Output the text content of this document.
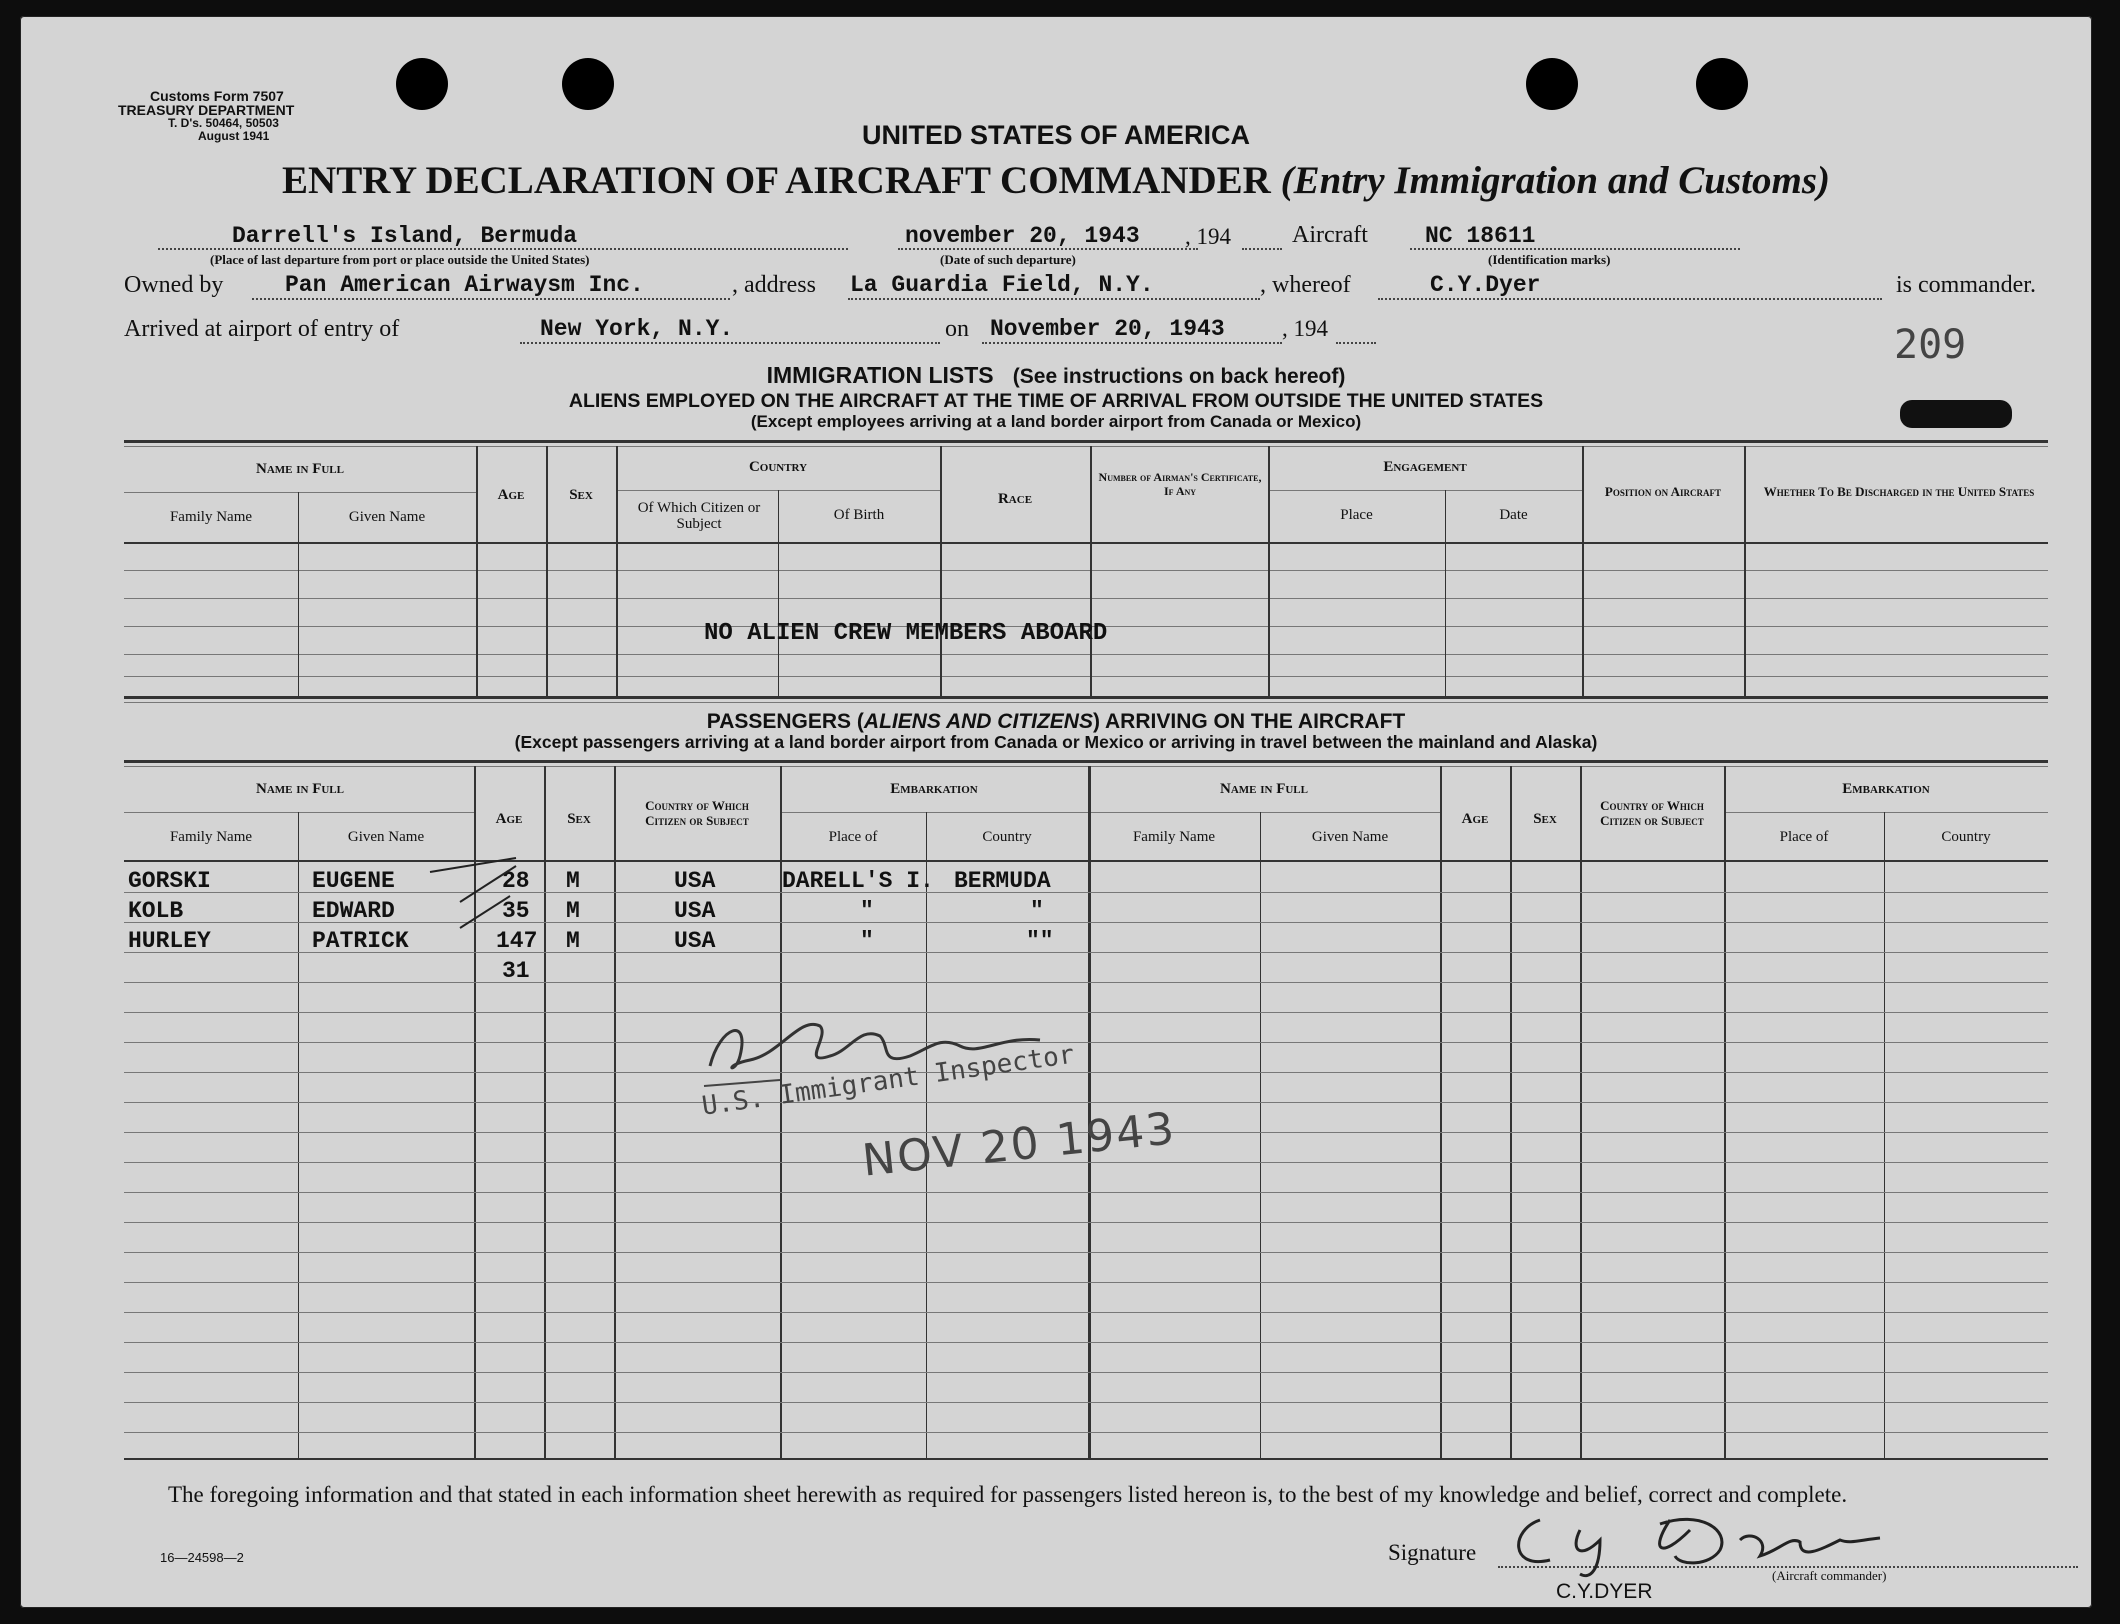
Customs Form 7507
TREASURY DEPARTMENT
T. D's. 50464, 50503
August 1941	UNITED STATES OF AMERICA
ENTRY DECLARATION OF AIRCRAFT COMMANDER (Entry Immigration and Customs)
Darrell's Island, Bermuda
(Place of last departure from port or place outside the United States)
november 20, 1943 , 194
(Date of such departure)
Aircraft NC 18611
(Identification marks)
Owned by	Pan American Airwaysm Inc.	, address La Guardia Field, N.Y.	, whereof	C.Y.Dyer	is commander.
Arrived at airport of entry of	New York, N.Y.	on November 20, 1943 , 194	209
IMMIGRATION LISTS (See instructions on back hereof)
ALIENS EMPLOYED ON THE AIRCRAFT AT THE TIME OF ARRIVAL FROM OUTSIDE THE UNITED STATES
(Except employees arriving at a land border airport from Canada or Mexico)
Name in Full
Family Name	Given Name
Age	Sex
Country
Of Which Citizen or Subject
Of Birth
Race
Number of Airman's Certificate, If Any
Engagement
Place	Date
Position on Aircraft	Whether To Be Discharged in the United States
NO ALIEN CREW MEMBERS ABOARD
PASSENGERS (ALIENS AND CITIZENS) ARRIVING ON THE AIRCRAFT
(Except passengers arriving at a land border airport from Canada or Mexico or arriving in travel between the mainland and Alaska)
Name in Full
Family Name	Given Name
Age	Sex
Country of Which Citizen or Subject
Embarkation
Place of	Country
Name in Full
Family Name	Given Name
Age	Sex
Country of Which Citizen or Subject
Embarkation
Place of	Country
GORSKI	EUGENE	28 M	USA	DARELL'S I. BERMUDA
KOLB	EDWARD	35 M	USA	"	"
HURLEY	PATRICK	147 M	USA	"	""
31
U.S. Immigrant Inspector
NOV 20 1943
The foregoing information and that stated in each information sheet herewith as required for passengers listed hereon is, to the best of my knowledge and belief, correct and complete.
16—24598—2	Signature
(Aircraft commander)
C.Y.DYER
